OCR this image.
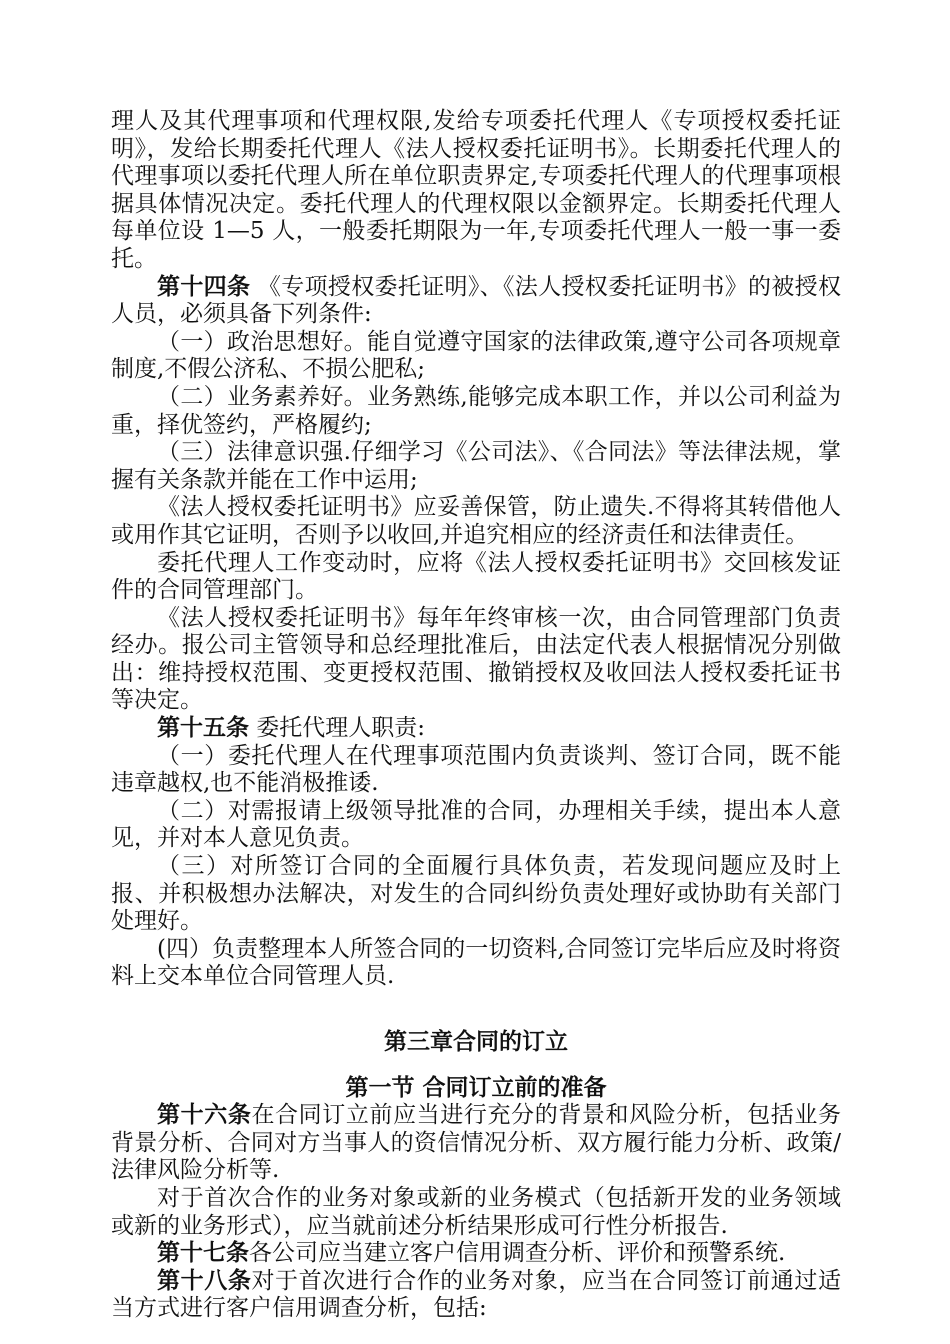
理人及其代理事项和代理权限,发给专项委托代理人《专项授权委托证明》，发给长期委托代理人《法人授权委托证明书》。长期委托代理人的代理事项以委托代理人所在单位职责界定,专项委托代理人的代理事项根据具体情况决定。委托代理人的代理权限以金额界定。长期委托代理人每单位设 1—5 人，一般委托期限为一年,专项委托代理人一般一事一委托。

第十四条 《专项授权委托证明》、《法人授权委托证明书》的被授权人员，必须具备下列条件:

（一）政治思想好。能自觉遵守国家的法律政策,遵守公司各项规章制度,不假公济私、不损公肥私;

（二）业务素养好。业务熟练,能够完成本职工作，并以公司利益为重，择优签约，严格履约;

（三）法律意识强.仔细学习《公司法》、《合同法》等法律法规，掌握有关条款并能在工作中运用;

《法人授权委托证明书》应妥善保管，防止遗失.不得将其转借他人或用作其它证明，否则予以收回,并追究相应的经济责任和法律责任。

委托代理人工作变动时，应将《法人授权委托证明书》交回核发证件的合同管理部门。

《法人授权委托证明书》每年年终审核一次，由合同管理部门负责经办。报公司主管领导和总经理批准后，由法定代表人根据情况分别做出：维持授权范围、变更授权范围、撤销授权及收回法人授权委托证书等决定。

第十五条 委托代理人职责:

（一）委托代理人在代理事项范围内负责谈判、签订合同，既不能违章越权,也不能消极推诿.

（二）对需报请上级领导批准的合同，办理相关手续，提出本人意见，并对本人意见负责。

（三）对所签订合同的全面履行具体负责，若发现问题应及时上报、并积极想办法解决，对发生的合同纠纷负责处理好或协助有关部门处理好。

(四）负责整理本人所签合同的一切资料,合同签订完毕后应及时将资料上交本单位合同管理人员.

第三章合同的订立

第一节 合同订立前的准备

第十六条在合同订立前应当进行充分的背景和风险分析，包括业务背景分析、合同对方当事人的资信情况分析、双方履行能力分析、政策/法律风险分析等.

对于首次合作的业务对象或新的业务模式（包括新开发的业务领域或新的业务形式），应当就前述分析结果形成可行性分析报告.

第十七条各公司应当建立客户信用调查分析、评价和预警系统.

第十八条对于首次进行合作的业务对象，应当在合同签订前通过适当方式进行客户信用调查分析，包括:
